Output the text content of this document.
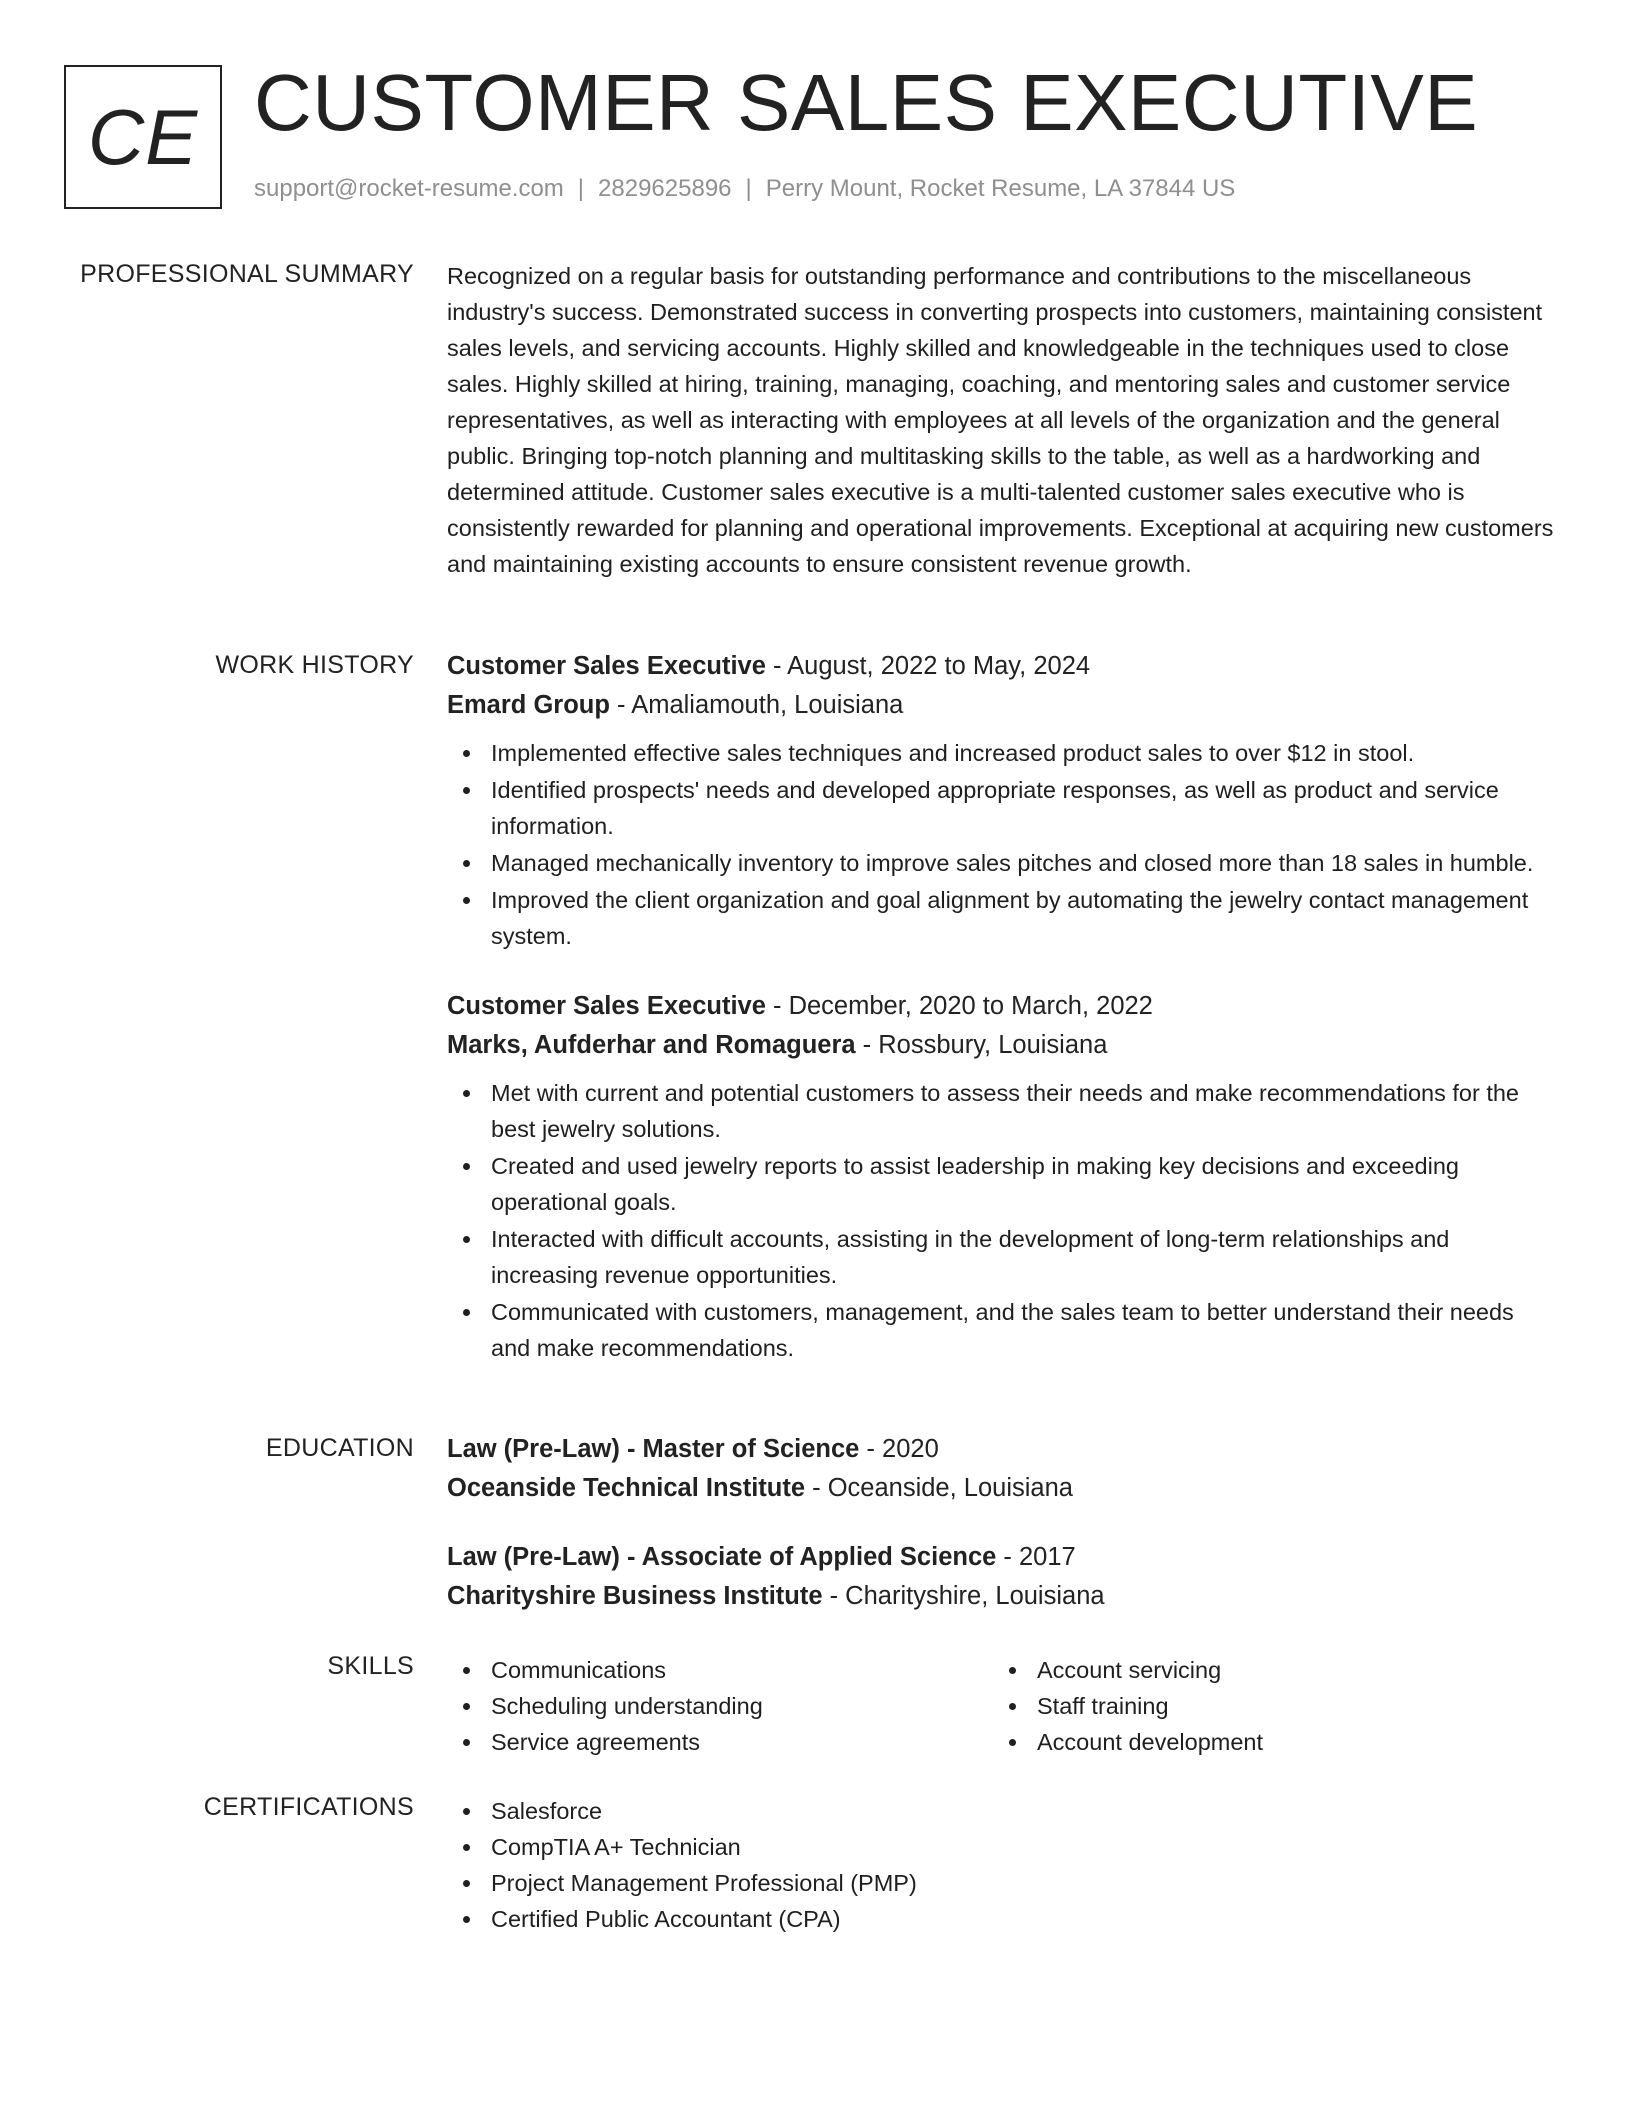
CE CUSTOMER SALES EXECUTIVE
support@rocket-resume.com | 2829625896 | Perry Mount, Rocket Resume, LA 37844 US
PROFESSIONAL SUMMARY Recognized on a regular basis for outstanding performance and contributions to the miscellaneous industry's success. Demonstrated success in converting prospects into customers, maintaining consistent sales levels, and servicing accounts. Highly skilled and knowledgeable in the techniques used to close sales. Highly skilled at hiring, training, managing, coaching, and mentoring sales and customer service representatives, as well as interacting with employees at all levels of the organization and the general public. Bringing top-notch planning and multitasking skills to the table, as well as a hardworking and determined attitude. Customer sales executive is a multi-talented customer sales executive who is consistently rewarded for planning and operational improvements. Exceptional at acquiring new customers and maintaining existing accounts to ensure consistent revenue growth.

WORK HISTORY Customer Sales Executive - August, 2022 to May, 2024
Emard Group - Amaliamouth, Louisiana
Implemented effective sales techniques and increased product sales to over $12 in stool.
Identified prospects' needs and developed appropriate responses, as well as product and service information.
Managed mechanically inventory to improve sales pitches and closed more than 18 sales in humble.
Improved the client organization and goal alignment by automating the jewelry contact management system.
Customer Sales Executive - December, 2020 to March, 2022
Marks, Aufderhar and Romaguera - Rossbury, Louisiana
Met with current and potential customers to assess their needs and make recommendations for the best jewelry solutions.
Created and used jewelry reports to assist leadership in making key decisions and exceeding operational goals.
Interacted with difficult accounts, assisting in the development of long-term relationships and increasing revenue opportunities.
Communicated with customers, management, and the sales team to better understand their needs and make recommendations.
EDUCATION Law (Pre-Law) - Master of Science - 2020
Oceanside Technical Institute - Oceanside, Louisiana
Law (Pre-Law) - Associate of Applied Science - 2017
Charityshire Business Institute - Charityshire, Louisiana
SKILLS	Communications
Scheduling understanding
Service agreements
Account servicing
Staff training
Account development
CERTIFICATIONS	Salesforce
CompTIA A+ Technician
Project Management Professional (PMP)
Certified Public Accountant (CPA)
